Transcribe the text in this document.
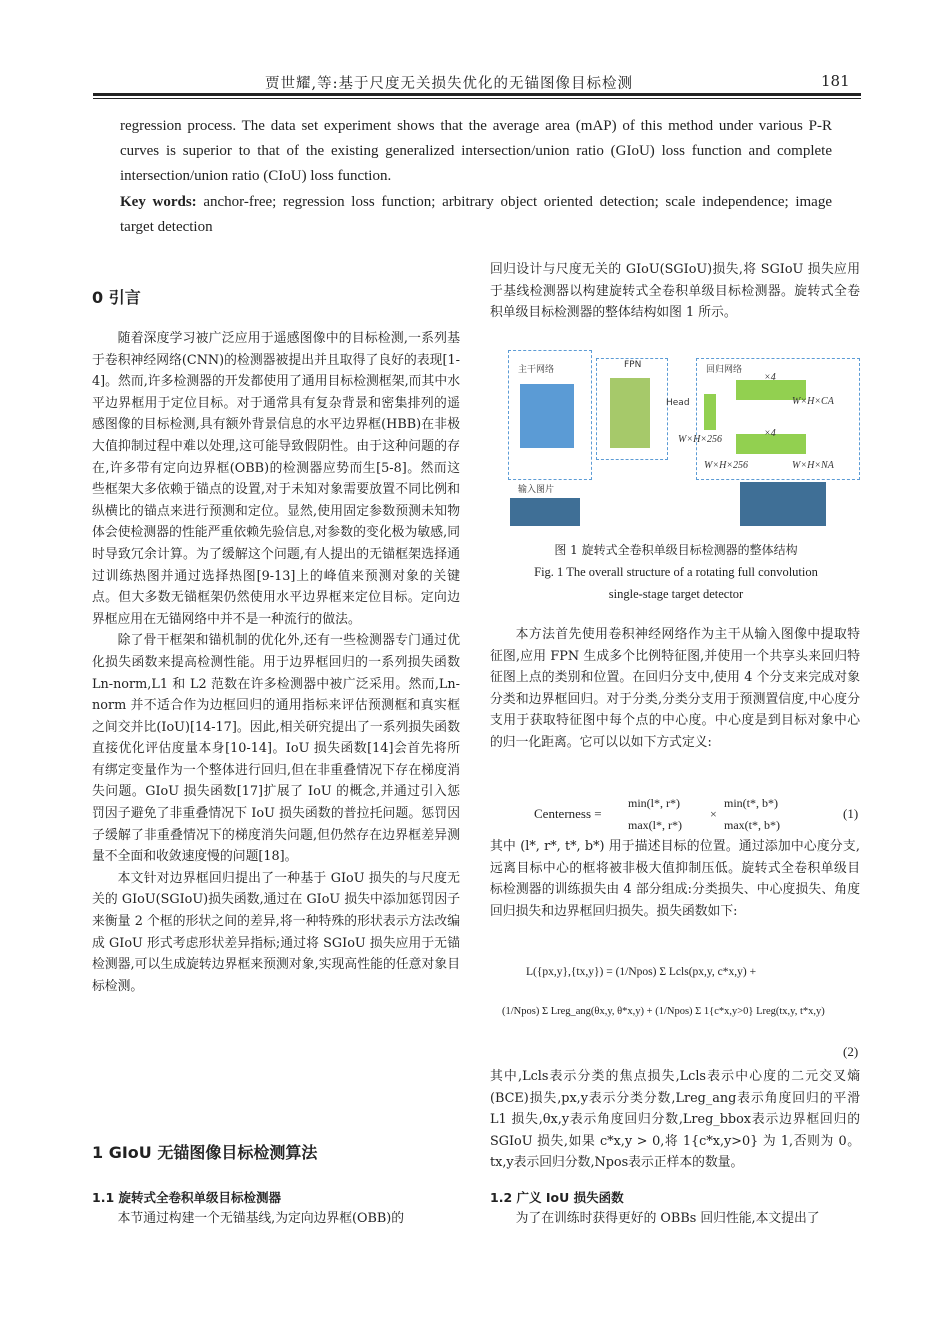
贾世耀,等:基于尺度无关损失优化的无锚图像目标检测	181
regression process. The data set experiment shows that the average area (mAP) of this method under various P-R curves is superior to that of the existing generalized intersection/union ratio (GIoU) loss function and complete intersection/union ratio (CIoU) loss function.
Key words: anchor-free; regression loss function; arbitrary object oriented detection; scale independence; image target detection
0 引言

随着深度学习被广泛应用于遥感图像中的目标检测,一系列基于卷积神经网络(CNN)的检测器被提出并且取得了良好的表现[1-4]。然而,许多检测器的开发都使用了通用目标检测框架,而其中水平边界框用于定位目标。对于通常具有复杂背景和密集排列的遥感图像的目标检测,具有额外背景信息的水平边界框(HBB)在非极大值抑制过程中难以处理,这可能导致假阴性。由于这种问题的存在,许多带有定向边界框(OBB)的检测器应势而生[5-8]。然而这些框架大多依赖于锚点的设置,对于未知对象需要放置不同比例和纵横比的锚点来进行预测和定位。显然,使用固定参数预测未知物体会使检测器的性能严重依赖先验信息,对参数的变化极为敏感,同时导致冗余计算。为了缓解这个问题,有人提出的无锚框架选择通过训练热图并通过选择热图[9-13]上的峰值来预测对象的关键点。但大多数无锚框架仍然使用水平边界框来定位目标。定向边界框应用在无锚网络中并不是一种流行的做法。

除了骨干框架和锚机制的优化外,还有一些检测器专门通过优化损失函数来提高检测性能。用于边界框回归的一系列损失函数 Ln-norm,L1 和 L2 范数在许多检测器中被广泛采用。然而,Ln-norm 并不适合作为边框回归的通用指标来评估预测框和真实框之间交并比(IoU)[14-17]。因此,相关研究提出了一系列损失函数直接优化评估度量本身[10-14]。IoU 损失函数[14]会首先将所有绑定变量作为一个整体进行回归,但在非重叠情况下存在梯度消失问题。GIoU 损失函数[17]扩展了 IoU 的概念,并通过引入惩罚因子避免了非重叠情况下 IoU 损失函数的普拉托问题。惩罚因子缓解了非重叠情况下的梯度消失问题,但仍然存在边界框差异测量不全面和收敛速度慢的问题[18]。

本文针对边界框回归提出了一种基于 GIoU 损失的与尺度无关的 GIoU(SGIoU)损失函数,通过在 GIoU 损失中添加惩罚因子来衡量 2 个框的形状之间的差异,将一种特殊的形状表示方法改编成 GIoU 形式考虑形状差异指标;通过将 SGIoU 损失应用于无锚检测器,可以生成旋转边界框来预测对象,实现高性能的任意对象目标检测。

1 GIoU 无锚图像目标检测算法
1.1 旋转式全卷积单级目标检测器

本节通过构建一个无锚基线,为定向边界框(OBB)的

回归设计与尺度无关的 GIoU(SGIoU)损失,将 SGIoU 损失应用于基线检测器以构建旋转式全卷积单级目标检测器。旋转式全卷积单级目标检测器的整体结构如图 1 所示。

主干网络
输入图片
FPN
Head
回归网络
×4
×4
W×H×CA
W×H×256
W×H×256	W×H×NA
图 1 旋转式全卷积单级目标检测器的整体结构
Fig. 1 The overall structure of a rotating full convolution
single-stage target detector

本方法首先使用卷积神经网络作为主干从输入图像中提取特征图,应用 FPN 生成多个比例特征图,并使用一个共享头来回归特征图上点的类别和位置。在回归分支中,使用 4 个分支来完成对象分类和边界框回归。对于分类,分类分支用于预测置信度,中心度分支用于获取特征图中每个点的中心度。中心度是到目标对象中心的归一化距离。它可以以如下方式定义:

Centerness =
min(l*, r*)
max(l*, r*)
×
min(t*, b*)
max(t*, b*)
(1)

其中 (l*, r*, t*, b*) 用于描述目标的位置。通过添加中心度分支,远离目标中心的框将被非极大值抑制压低。旋转式全卷积单级目标检测器的训练损失由 4 部分组成:分类损失、中心度损失、角度回归损失和边界框回归损失。损失函数如下:

L({px,y},{tx,y}) = (1/Npos) Σ Lcls(px,y, c*x,y) +
(1/Npos) Σ Lreg_ang(θx,y, θ*x,y) + (1/Npos) Σ 1{c*x,y>0} Lreg(tx,y, t*x,y)
(2)

其中,Lcls表示分类的焦点损失,Lcls表示中心度的二元交叉熵(BCE)损失,px,y表示分类分数,Lreg_ang表示角度回归的平滑 L1 损失,θx,y表示角度回归分数,Lreg_bbox表示边界框回归的 SGIoU 损失,如果 c*x,y > 0,将 1{c*x,y>0} 为 1,否则为 0。tx,y表示回归分数,Npos表示正样本的数量。

1.2 广义 IoU 损失函数

为了在训练时获得更好的 OBBs 回归性能,本文提出了
